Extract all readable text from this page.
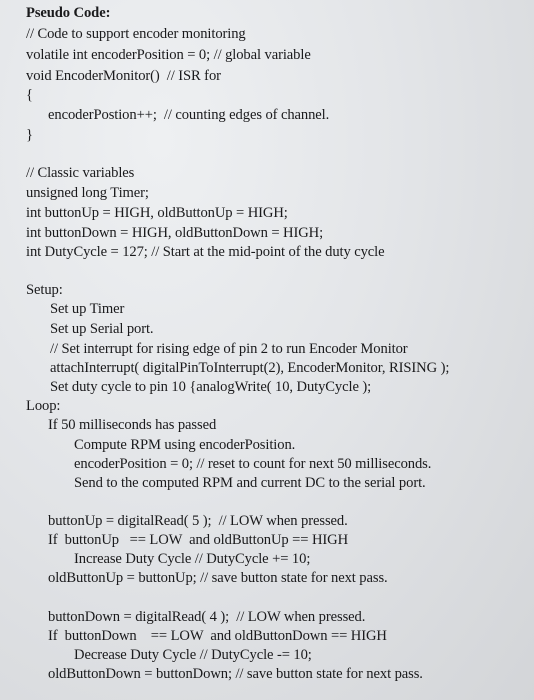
Pseudo Code:
// Code to support encoder monitoring
volatile int encoderPosition = 0; // global variable
void EncoderMonitor()  // ISR for
{
encoderPostion++;  // counting edges of channel.
}
// Classic variables
unsigned long Timer;
int buttonUp = HIGH, oldButtonUp = HIGH;
int buttonDown = HIGH, oldButtonDown = HIGH;
int DutyCycle = 127; // Start at the mid-point of the duty cycle
Setup:
Set up Timer
Set up Serial port.
// Set interrupt for rising edge of pin 2 to run Encoder Monitor
attachInterrupt( digitalPinToInterrupt(2), EncoderMonitor, RISING );
Set duty cycle to pin 10 {analogWrite( 10, DutyCycle );
Loop:
If 50 milliseconds has passed
Compute RPM using encoderPosition.
encoderPosition = 0; // reset to count for next 50 milliseconds.
Send to the computed RPM and current DC to the serial port.
buttonUp = digitalRead( 5 );  // LOW when pressed.
If  buttonUp   == LOW  and oldButtonUp == HIGH
Increase Duty Cycle // DutyCycle += 10;
oldButtonUp = buttonUp; // save button state for next pass.
buttonDown = digitalRead( 4 );  // LOW when pressed.
If  buttonDown    == LOW  and oldButtonDown == HIGH
Decrease Duty Cycle // DutyCycle -= 10;
oldButtonDown = buttonDown; // save button state for next pass.
